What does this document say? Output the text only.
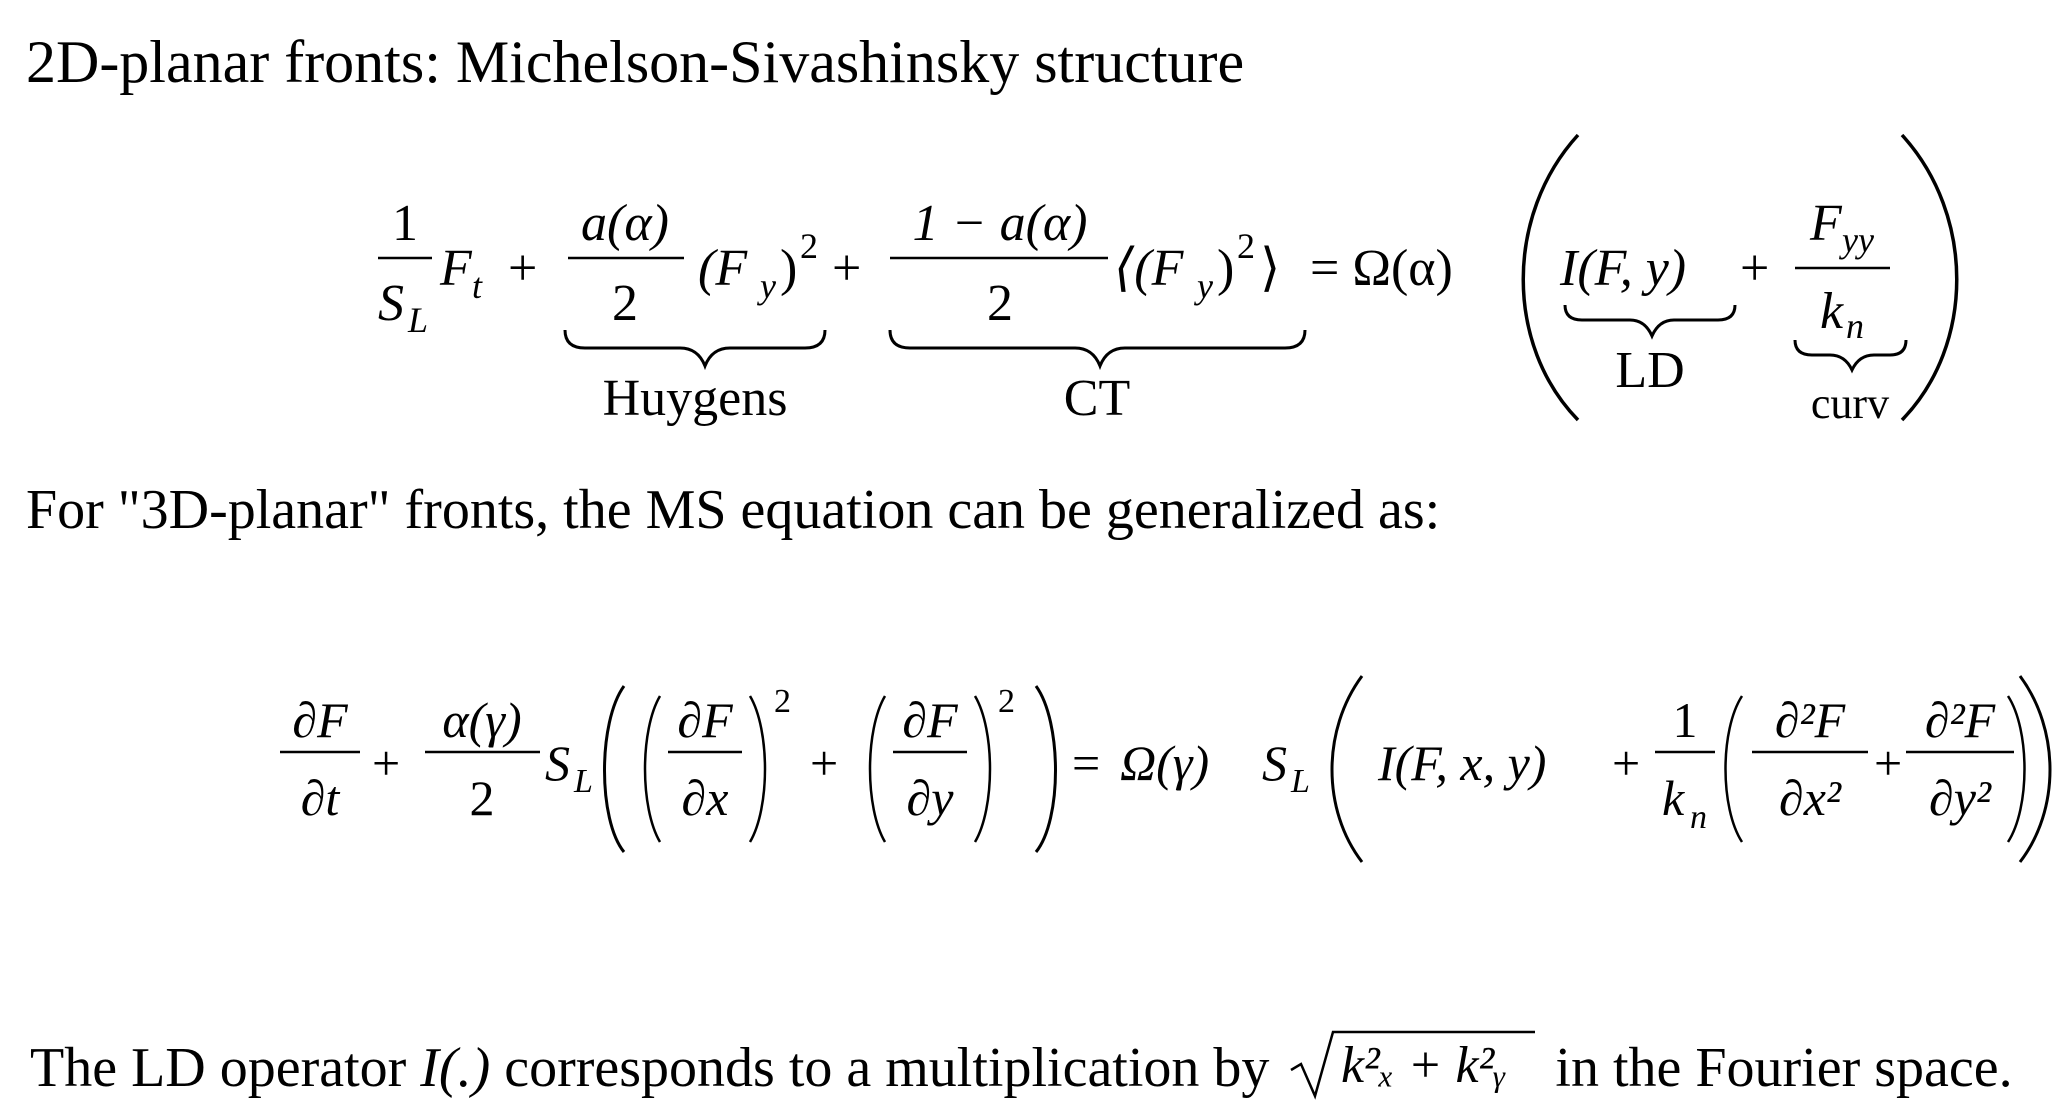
2D-planar fronts: Michelson-Sivashinsky structure
1
S L
F t +
a(α)
2
(F y ) 2 +
1 − a(α)
2
⟨(F y ) 2 ⟩ = Ω(α) I(F, y) +
F yy
k n
Huygens	CT	LD
curv
For "3D-planar" fronts, the MS equation can be generalized as:
∂F
∂t
+
α(γ)
2
S L
∂F
∂x
2
+
∂F
∂y
2
= Ω(γ) S L I(F, x, y) +
1
k n
∂²F
∂x²
+
∂²F
∂y²
The LD operator I(.) corresponds to a multiplication by k²ₓ + k²ᵧ in the Fourier space.
